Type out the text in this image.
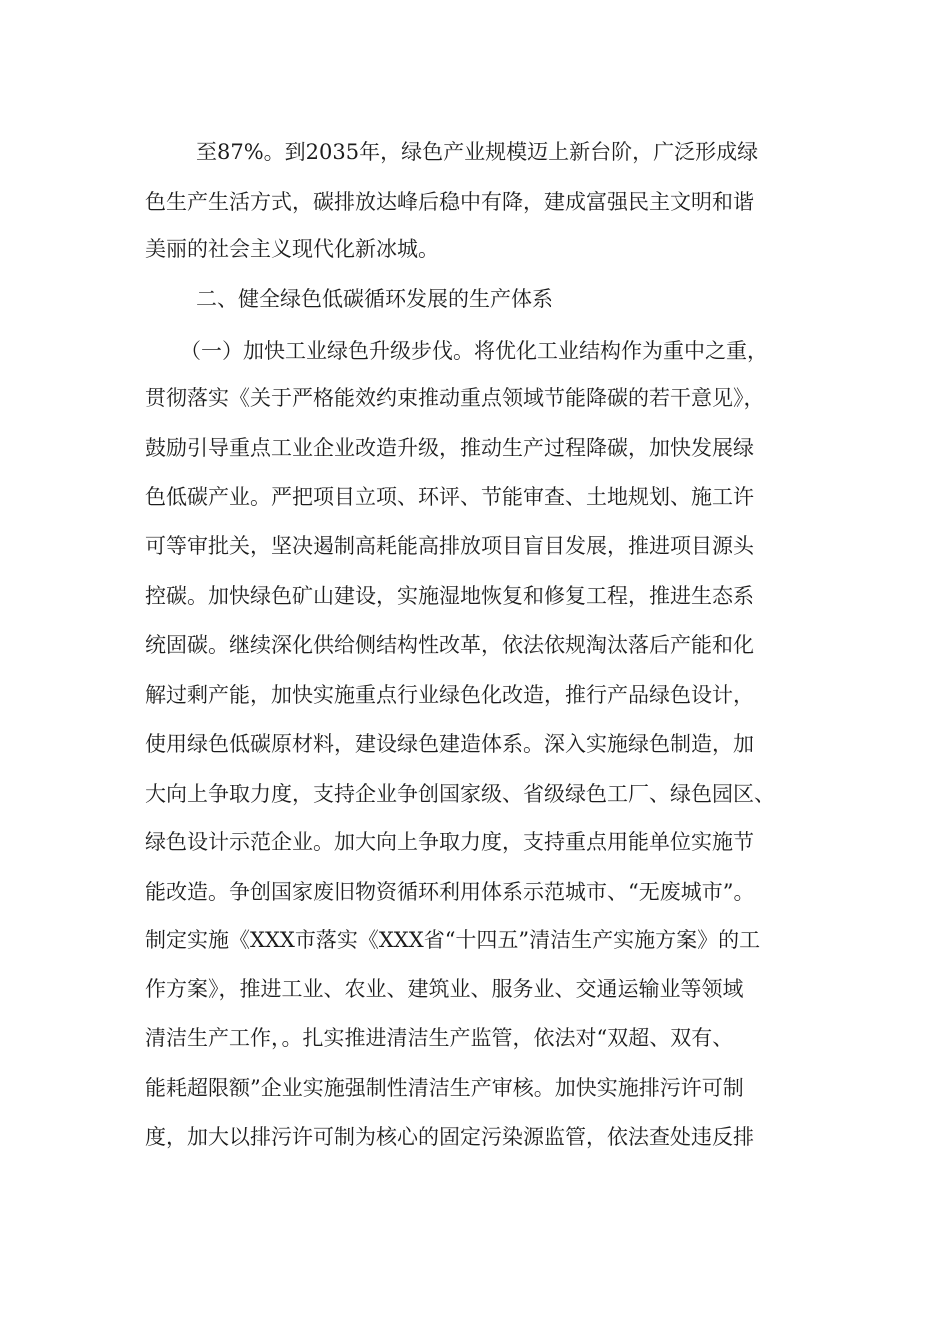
至87%。到2035年，绿色产业规模迈上新台阶，广泛形成绿
色生产生活方式，碳排放达峰后稳中有降，建成富强民主文明和谐
美丽的社会主义现代化新冰城。
二、健全绿色低碳循环发展的生产体系
（一）加快工业绿色升级步伐。将优化工业结构作为重中之重，
贯彻落实《关于严格能效约束推动重点领域节能降碳的若干意见》，
鼓励引导重点工业企业改造升级，推动生产过程降碳，加快发展绿
色低碳产业。严把项目立项、环评、节能审查、土地规划、施工许
可等审批关，坚决遏制高耗能高排放项目盲目发展，推进项目源头
控碳。加快绿色矿山建设，实施湿地恢复和修复工程，推进生态系
统固碳。继续深化供给侧结构性改革，依法依规淘汰落后产能和化
解过剩产能，加快实施重点行业绿色化改造，推行产品绿色设计，
使用绿色低碳原材料，建设绿色建造体系。深入实施绿色制造，加
大向上争取力度，支持企业争创国家级、省级绿色工厂、绿色园区、
绿色设计示范企业。加大向上争取力度，支持重点用能单位实施节
能改造。争创国家废旧物资循环利用体系示范城市、“无废城市”。
制定实施《XXX市落实《XXX省“十四五”清洁生产实施方案》的工
作方案》，推进工业、农业、建筑业、服务业、交通运输业等领域
清洁生产工作，。扎实推进清洁生产监管，依法对“双超、双有、
能耗超限额”企业实施强制性清洁生产审核。加快实施排污许可制
度，加大以排污许可制为核心的固定污染源监管，依法查处违反排
